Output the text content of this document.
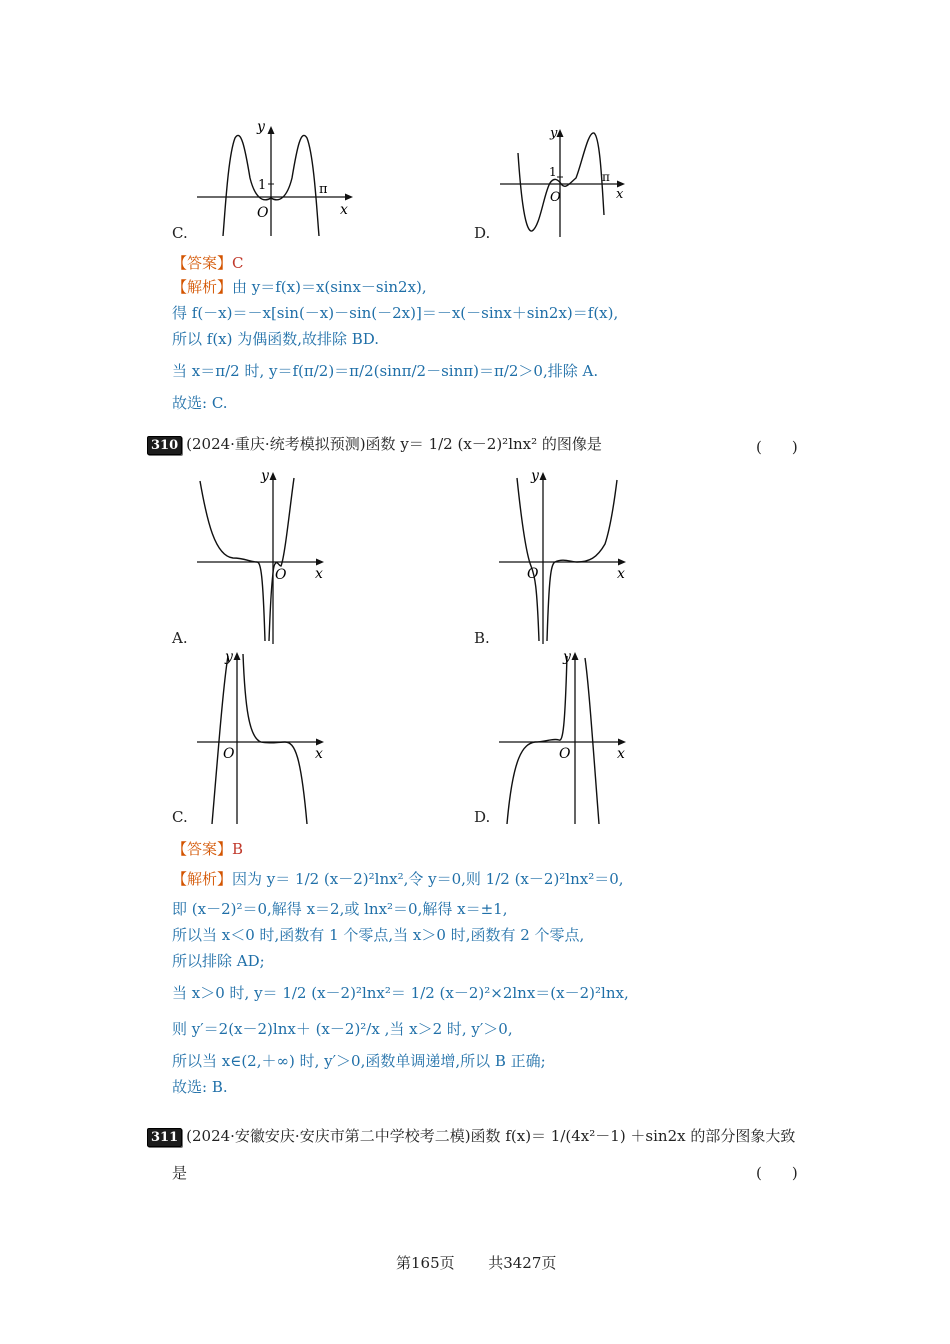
y
x
O
1	π
C.
y
x
O
1	π
D.
【答案】C
【解析】由 y＝f(x)＝x(sinx－sin2x),
得 f(－x)＝－x[sin(－x)－sin(－2x)]＝－x(－sinx＋sin2x)＝f(x),
所以 f(x) 为偶函数,故排除 BD.
当 x＝π/2 时, y＝f(π/2)＝π/2(sinπ/2－sinπ)＝π/2＞0,排除 A.
故选: C.
310 (2024·重庆·统考模拟预测)函数 y＝ 1/2 (x－2)²lnx² 的图像是	(　　)
y
x
O
A.
y
x
O
B.
y
x
O
C.
y
x
O
D.
【答案】B
【解析】因为 y＝ 1/2 (x－2)²lnx²,令 y＝0,则 1/2 (x－2)²lnx²＝0,
即 (x－2)²＝0,解得 x＝2,或 lnx²＝0,解得 x＝±1,
所以当 x＜0 时,函数有 1 个零点,当 x＞0 时,函数有 2 个零点,
所以排除 AD;
当 x＞0 时, y＝ 1/2 (x－2)²lnx²＝ 1/2 (x－2)²×2lnx＝(x－2)²lnx,
则 y′＝2(x－2)lnx＋ (x－2)²/x ,当 x＞2 时, y′＞0,
所以当 x∈(2,＋∞) 时, y′＞0,函数单调递增,所以 B 正确;
故选: B.
311 (2024·安徽安庆·安庆市第二中学校考二模)函数 f(x)＝ 1/(4x²－1) ＋sin2x 的部分图象大致
是	(　　)
第165页 共3427页
